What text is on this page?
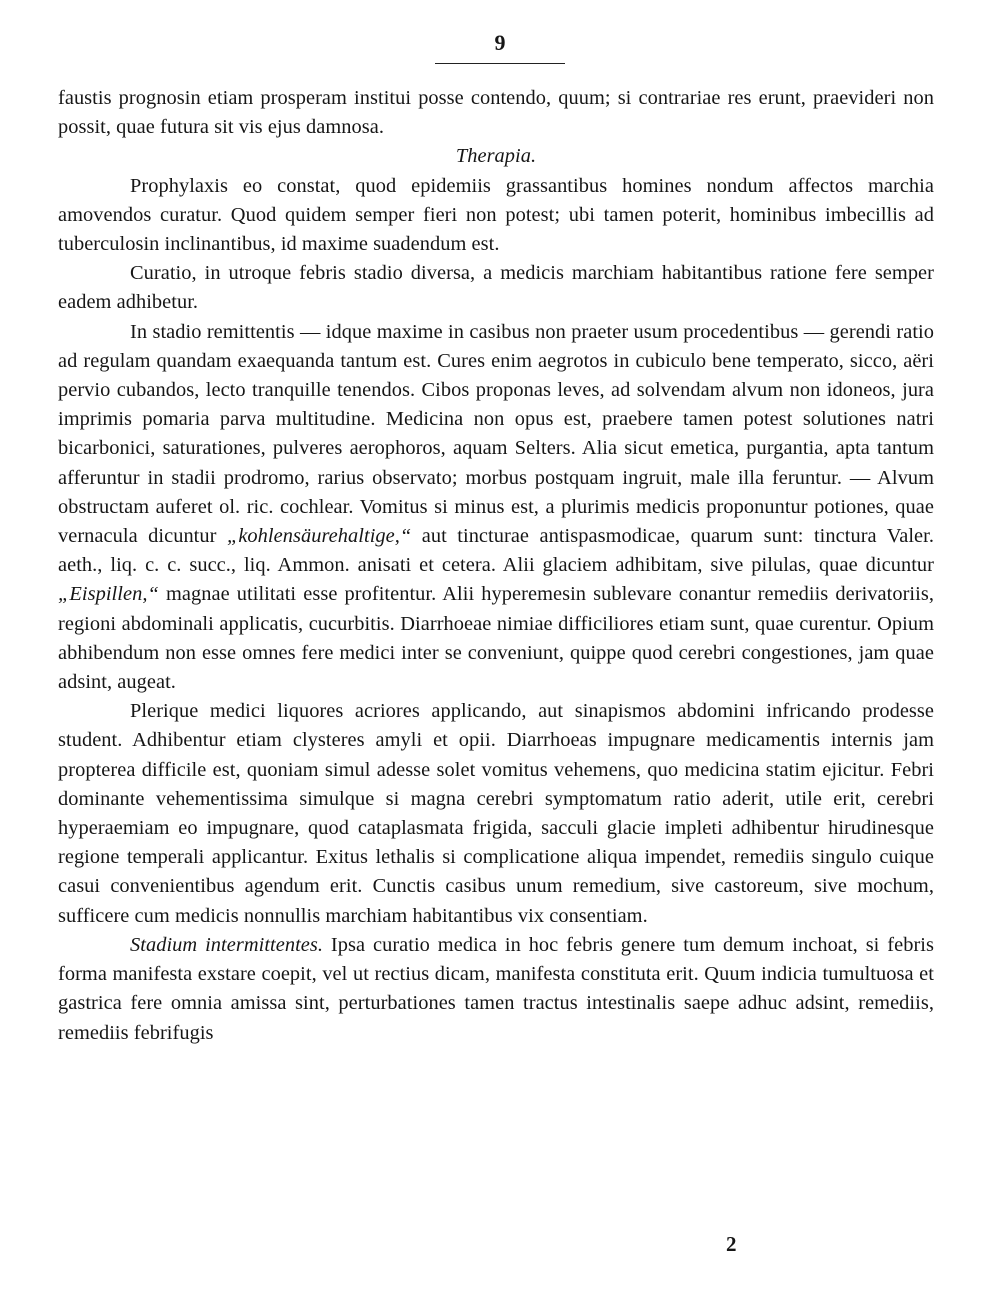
9

faustis prognosin etiam prosperam institui posse contendo, quum; si contrariae res erunt, praevideri non possit, quae futura sit vis ejus damnosa.

Therapia.

Prophylaxis eo constat, quod epidemiis grassantibus homines nondum affectos marchia amovendos curatur. Quod quidem semper fieri non potest; ubi tamen poterit, hominibus imbecillis ad tuberculosin inclinantibus, id maxime suadendum est.

Curatio, in utroque febris stadio diversa, a medicis marchiam habitantibus ratione fere semper eadem adhibetur.

In stadio remittentis — idque maxime in casibus non praeter usum procedentibus — gerendi ratio ad regulam quandam exaequanda tantum est. Cures enim aegrotos in cubiculo bene temperato, sicco, aëri pervio cubandos, lecto tranquille tenendos. Cibos proponas leves, ad solvendam alvum non idoneos, jura imprimis pomaria parva multitudine. Medicina non opus est, praebere tamen potest solutiones natri bicarbonici, saturationes, pulveres aerophoros, aquam Selters. Alia sicut emetica, purgantia, apta tantum afferuntur in stadii prodromo, rarius observato; morbus postquam ingruit, male illa feruntur. — Alvum obstructam auferet ol. ric. cochlear. Vomitus si minus est, a plurimis medicis proponuntur potiones, quae vernacula dicuntur „kohlensäurehaltige,“ aut tincturae antispasmodicae, quarum sunt: tinctura Valer. aeth., liq. c. c. succ., liq. Ammon. anisati et cetera. Alii glaciem adhibitam, sive pilulas, quae dicuntur „Eispillen,“ magnae utilitati esse profitentur. Alii hyperemesin sublevare conantur remediis derivatoriis, regioni abdominali applicatis, cucurbitis. Diarrhoeae nimiae difficiliores etiam sunt, quae curentur. Opium abhibendum non esse omnes fere medici inter se conveniunt, quippe quod cerebri congestiones, jam quae adsint, augeat.

Plerique medici liquores acriores applicando, aut sinapismos abdomini infricando prodesse student. Adhibentur etiam clysteres amyli et opii. Diarrhoeas impugnare medicamentis internis jam propterea difficile est, quoniam simul adesse solet vomitus vehemens, quo medicina statim ejicitur. Febri dominante vehementissima simulque si magna cerebri symptomatum ratio aderit, utile erit, cerebri hyperaemiam eo impugnare, quod cataplasmata frigida, sacculi glacie impleti adhibentur hirudinesque regione temperali applicantur. Exitus lethalis si complicatione aliqua impendet, remediis singulo cuique casui convenientibus agendum erit. Cunctis casibus unum remedium, sive castoreum, sive mochum, sufficere cum medicis nonnullis marchiam habitantibus vix consentiam.

Stadium intermittentes. Ipsa curatio medica in hoc febris genere tum demum inchoat, si febris forma manifesta exstare coepit, vel ut rectius dicam, manifesta constituta erit. Quum indicia tumultuosa et gastrica fere omnia amissa sint, perturbationes tamen tractus intestinalis saepe adhuc adsint, remediis, remediis febrifugis

2
